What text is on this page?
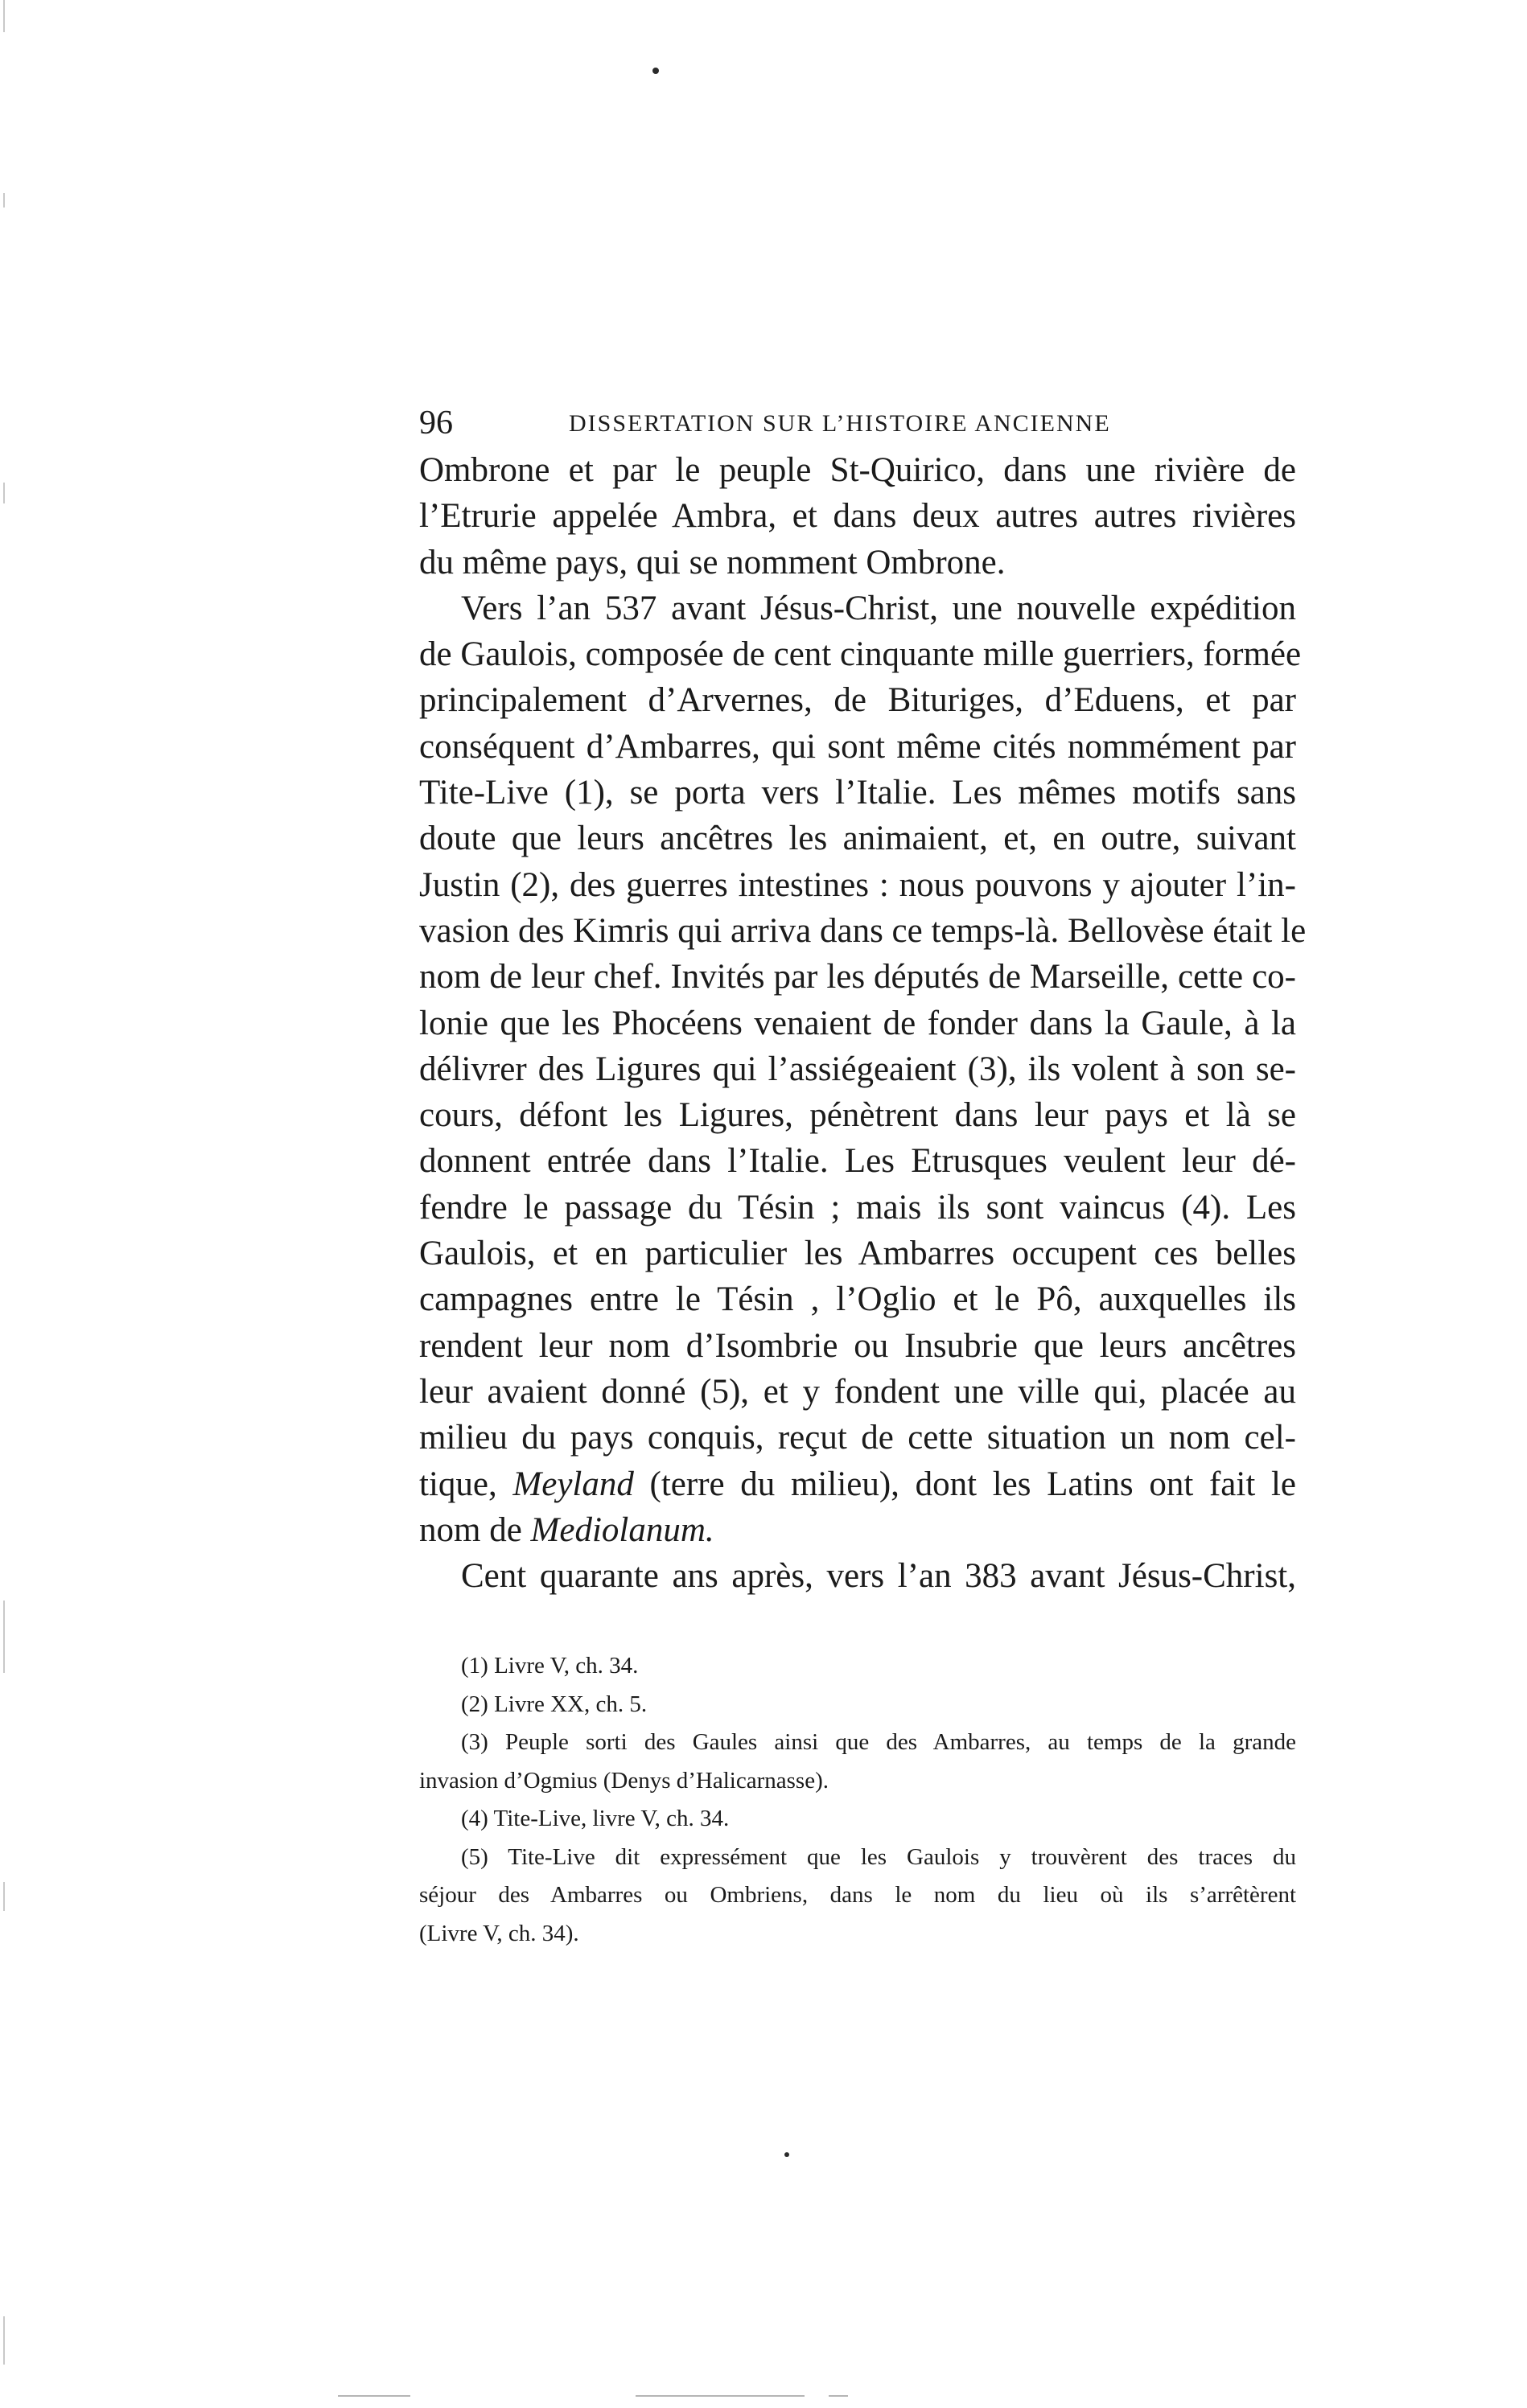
96	DISSERTATION SUR L’HISTOIRE ANCIENNE
Ombrone et par le peuple St-Quirico, dans une rivière de
l’Etrurie appelée Ambra, et dans deux autres autres rivières
du même pays, qui se nomment Ombrone.
Vers l’an 537 avant Jésus-Christ, une nouvelle expédition
de Gaulois, composée de cent cinquante mille guerriers, formée
principalement d’Arvernes, de Bituriges, d’Eduens, et par
conséquent d’Ambarres, qui sont même cités nommément par
Tite-Live (1), se porta vers l’Italie. Les mêmes motifs sans
doute que leurs ancêtres les animaient, et, en outre, suivant
Justin (2), des guerres intestines : nous pouvons y ajouter l’in-
vasion des Kimris qui arriva dans ce temps-là. Bellovèse était le
nom de leur chef. Invités par les députés de Marseille, cette co-
lonie que les Phocéens venaient de fonder dans la Gaule, à la
délivrer des Ligures qui l’assiégeaient (3), ils volent à son se-
cours, défont les Ligures, pénètrent dans leur pays et là se
donnent entrée dans l’Italie. Les Etrusques veulent leur dé-
fendre le passage du Tésin ; mais ils sont vaincus (4). Les
Gaulois, et en particulier les Ambarres occupent ces belles
campagnes entre le Tésin , l’Oglio et le Pô, auxquelles ils
rendent leur nom d’Isombrie ou Insubrie que leurs ancêtres
leur avaient donné (5), et y fondent une ville qui, placée au
milieu du pays conquis, reçut de cette situation un nom cel-
tique, Meyland (terre du milieu), dont les Latins ont fait le
nom de Mediolanum.
Cent quarante ans après, vers l’an 383 avant Jésus-Christ,
(1) Livre V, ch. 34.
(2) Livre XX, ch. 5.
(3) Peuple sorti des Gaules ainsi que des Ambarres, au temps de la grande
invasion d’Ogmius (Denys d’Halicarnasse).
(4) Tite-Live, livre V, ch. 34.
(5) Tite-Live dit expressément que les Gaulois y trouvèrent des traces du
séjour des Ambarres ou Ombriens, dans le nom du lieu où ils s’arrêtèrent
(Livre V, ch. 34).
